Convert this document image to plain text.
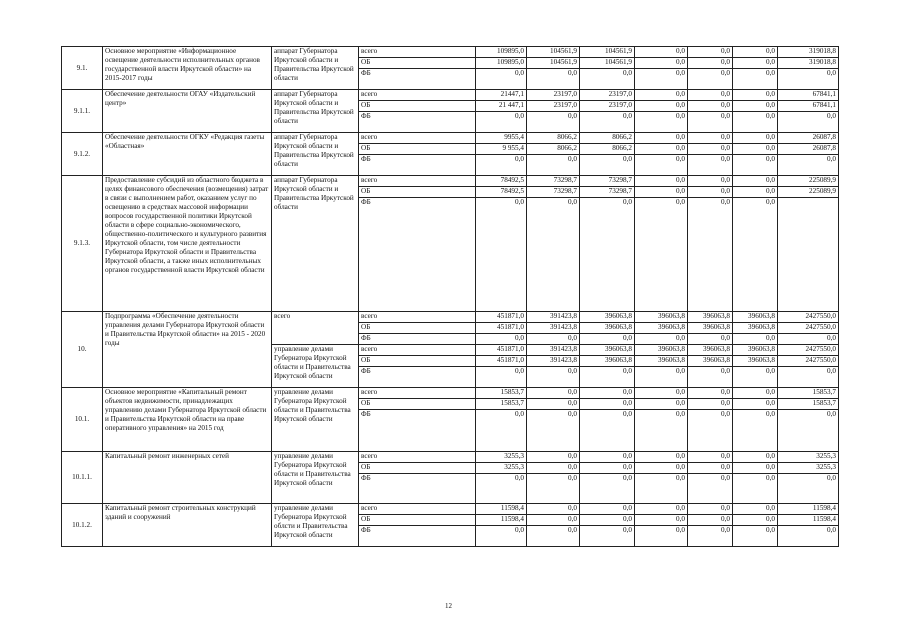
9.1.	Основное мероприятие «Информационное освещение деятельности исполнительных органов государственной власти Иркутской области» на 2015-2017 годы	аппарат Губернатора Иркутской области и Правительства Иркутской области	всего	109895,0	104561,9	104561,9	0,0	0,0	0,0	319018,8
			ОБ	109895,0	104561,9	104561,9	0,0	0,0	0,0	319018,8
			ФБ	0,0	0,0	0,0	0,0	0,0	0,0	0,0
9.1.1.	Обеспечение деятельности ОГАУ «Издательский центр»	аппарат Губернатора Иркутской области и Правительства Иркутской области	всего	21447,1	23197,0	23197,0	0,0	0,0	0,0	67841,1
			ОБ	21 447,1	23197,0	23197,0	0,0	0,0	0,0	67841,1
			ФБ	0,0	0,0	0,0	0,0	0,0	0,0	0,0
9.1.2.	Обеспечение деятельности ОГКУ «Редакция газеты «Областная»	аппарат Губернатора Иркутской области и Правительства Иркутской области	всего	9955,4	8066,2	8066,2	0,0	0,0	0,0	26087,8
			ОБ	9 955,4	8066,2	8066,2	0,0	0,0	0,0	26087,8
			ФБ	0,0	0,0	0,0	0,0	0,0	0,0	0,0
9.1.3.	Предоставление субсидий из областного бюджета в целях финансового обеспечения (возмещения) затрат в связи с выполнением работ, оказанием услуг по освещению в средствах массовой информации вопросов государственной политики Иркутской области в сфере социально-экономического, общественно-политического и культурного развития Иркутской области, том числе деятельности Губернатора Иркутской области и Правительства Иркутской области, а также иных исполнительных органов государственной власти Иркутской области	аппарат Губернатора Иркутской области и Правительства Иркутской области	всего	78492,5	73298,7	73298,7	0,0	0,0	0,0	225089,9
			ОБ	78492,5	73298,7	73298,7	0,0	0,0	0,0	225089,9
			ФБ	0,0	0,0	0,0	0,0	0,0	0,0	
10.	Подпрограмма «Обеспечение деятельности управления делами Губернатора Иркутской области и Правительства Иркутской области» на 2015 - 2020 годы	всего	всего	451871,0	391423,8	396063,8	396063,8	396063,8	396063,8	2427550,0
			ОБ	451871,0	391423,8	396063,8	396063,8	396063,8	396063,8	2427550,0
			ФБ	0,0	0,0	0,0	0,0	0,0	0,0	0,0
		управление делами Губернатора Иркутской области и Правительства Иркутской области	всего	451871,0	391423,8	396063,8	396063,8	396063,8	396063,8	2427550,0
			ОБ	451871,0	391423,8	396063,8	396063,8	396063,8	396063,8	2427550,0
			ФБ	0,0	0,0	0,0	0,0	0,0	0,0	0,0
10.1.	Основное мероприятие «Капитальный ремонт объектов недвижимости, принадлежащих управлению делами Губернатора Иркутской области и Правительства Иркутской области на праве оперативного управления» на 2015 год	управление делами Губернатора Иркутской области и Правительства Иркутской области	всего	15853,7	0,0	0,0	0,0	0,0	0,0	15853,7
			ОБ	15853,7	0,0	0,0	0,0	0,0	0,0	15853,7
			ФБ	0,0	0,0	0,0	0,0	0,0	0,0	0,0
10.1.1.	Капитальный ремонт инженерных сетей	управление делами Губернатора Иркутской области и Правительства Иркутской области	всего	3255,3	0,0	0,0	0,0	0,0	0,0	3255,3
			ОБ	3255,3	0,0	0,0	0,0	0,0	0,0	3255,3
			ФБ	0,0	0,0	0,0	0,0	0,0	0,0	0,0
10.1.2.	Капитальный ремонт строительных конструкций зданий и сооружений	управление делами Губернатора Иркутской облсти и Правительства Иркутской области	всего	11598,4	0,0	0,0	0,0	0,0	0,0	11598,4
			ОБ	11598,4	0,0	0,0	0,0	0,0	0,0	11598,4
			ФБ	0,0	0,0	0,0	0,0	0,0	0,0	0,0
12
